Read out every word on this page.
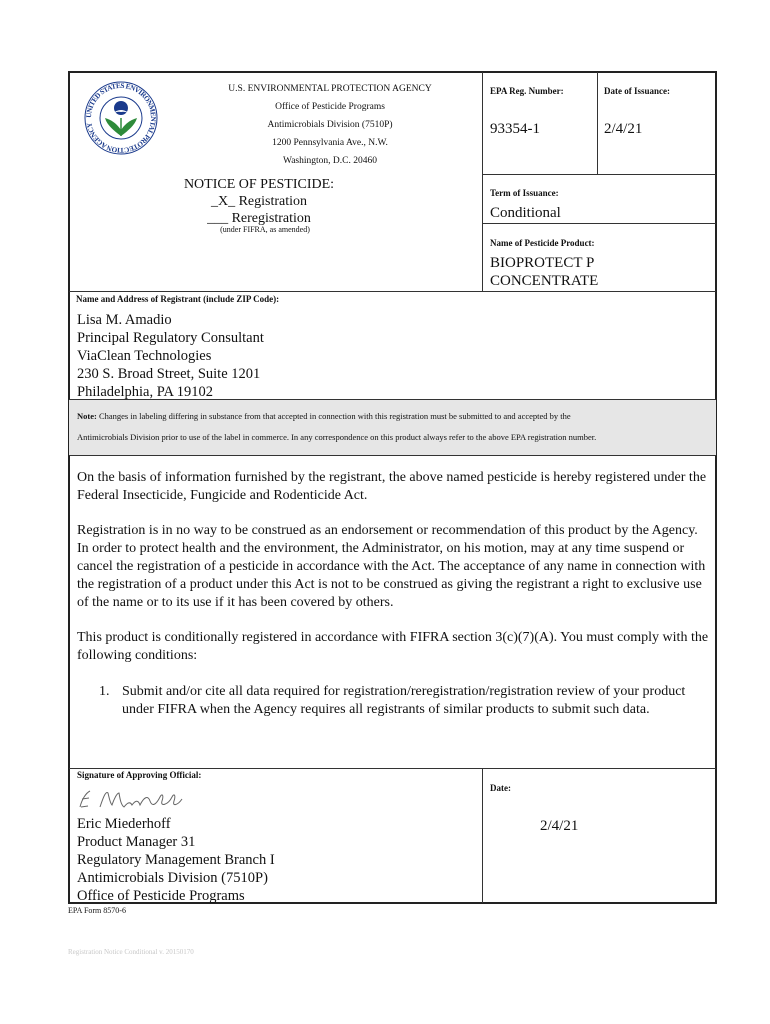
UNITED STATES ENVIRONMENTAL PROTECTION AGENCY
U.S. ENVIRONMENTAL PROTECTION AGENCY
Office of Pesticide Programs
Antimicrobials Division (7510P)
1200 Pennsylvania Ave., N.W.
Washington, D.C. 20460
NOTICE OF PESTICIDE:
_X_ Registration
___ Reregistration
(under FIFRA, as amended)
EPA Reg. Number:
93354-1
Date of Issuance:
2/4/21
Term of Issuance:
Conditional
Name of Pesticide Product:
BIOPROTECT P
CONCENTRATE
Name and Address of Registrant (include ZIP Code):
Lisa M. Amadio
Principal Regulatory Consultant
ViaClean Technologies
230 S. Broad Street, Suite 1201
Philadelphia, PA 19102
Note: Changes in labeling differing in substance from that accepted in connection with this registration must be submitted to and accepted by the
Antimicrobials Division prior to use of the label in commerce. In any correspondence on this product always refer to the above EPA registration number.
On the basis of information furnished by the registrant, the above named pesticide is hereby registered under the Federal Insecticide, Fungicide and Rodenticide Act.
Registration is in no way to be construed as an endorsement or recommendation of this product by the Agency. In order to protect health and the environment, the Administrator, on his motion, may at any time suspend or cancel the registration of a pesticide in accordance with the Act. The acceptance of any name in connection with the registration of a product under this Act is not to be construed as giving the registrant a right to exclusive use of the name or to its use if it has been covered by others.
This product is conditionally registered in accordance with FIFRA section 3(c)(7)(A). You must comply with the following conditions:
1. Submit and/or cite all data required for registration/reregistration/registration review of your product under FIFRA when the Agency requires all registrants of similar products to submit such data.
Signature of Approving Official:
Eric Miederhoff
Product Manager 31
Regulatory Management Branch I
Antimicrobials Division (7510P)
Office of Pesticide Programs
Date:
2/4/21
EPA Form 8570-6
Registration Notice Conditional v. 20150170
